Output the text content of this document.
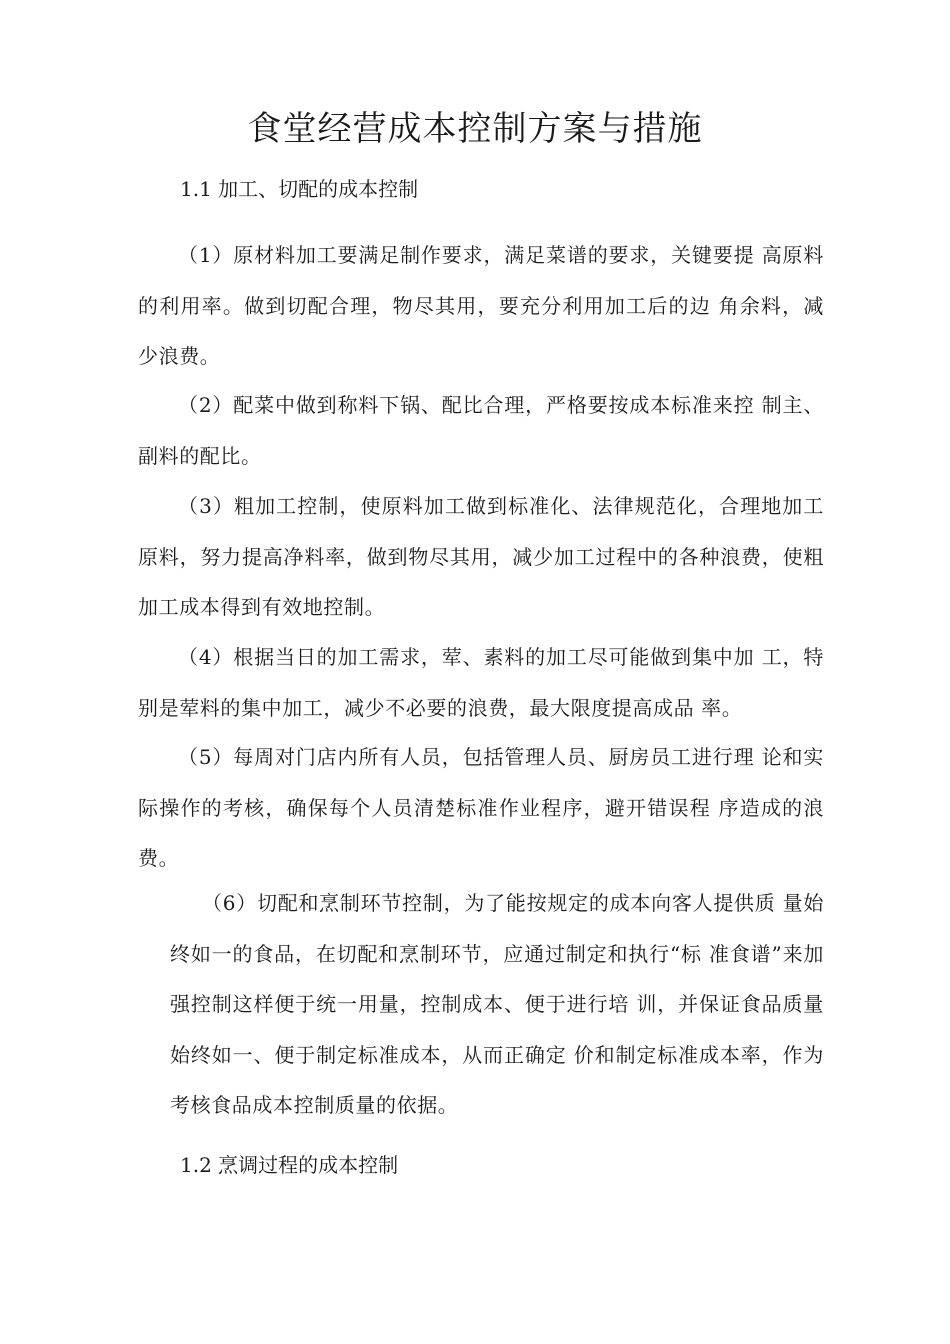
食堂经营成本控制方案与措施
1.1 加工、切配的成本控制
（1）原材料加工要满足制作要求，满足菜谱的要求，关键要提 高原料的利用率。做到切配合理，物尽其用，要充分利用加工后的边 角余料，减少浪费。
（2）配菜中做到称料下锅、配比合理，严格要按成本标准来控 制主、副料的配比。
（3）粗加工控制，使原料加工做到标准化、法律规范化，合理地加工原料，努力提高净料率，做到物尽其用，减少加工过程中的各种浪费，使粗加工成本得到有效地控制。
（4）根据当日的加工需求，荤、素料的加工尽可能做到集中加 工，特别是荤料的集中加工，减少不必要的浪费，最大限度提高成品 率。
（5）每周对门店内所有人员，包括管理人员、厨房员工进行理 论和实际操作的考核，确保每个人员清楚标准作业程序，避开错误程 序造成的浪费。
（6）切配和烹制环节控制，为了能按规定的成本向客人提供质 量始终如一的食品，在切配和烹制环节，应通过制定和执行“标 准食谱”来加强控制这样便于统一用量，控制成本、便于进行培 训，并保证食品质量始终如一、便于制定标准成本，从而正确定 价和制定标准成本率，作为考核食品成本控制质量的依据。
1.2 烹调过程的成本控制
